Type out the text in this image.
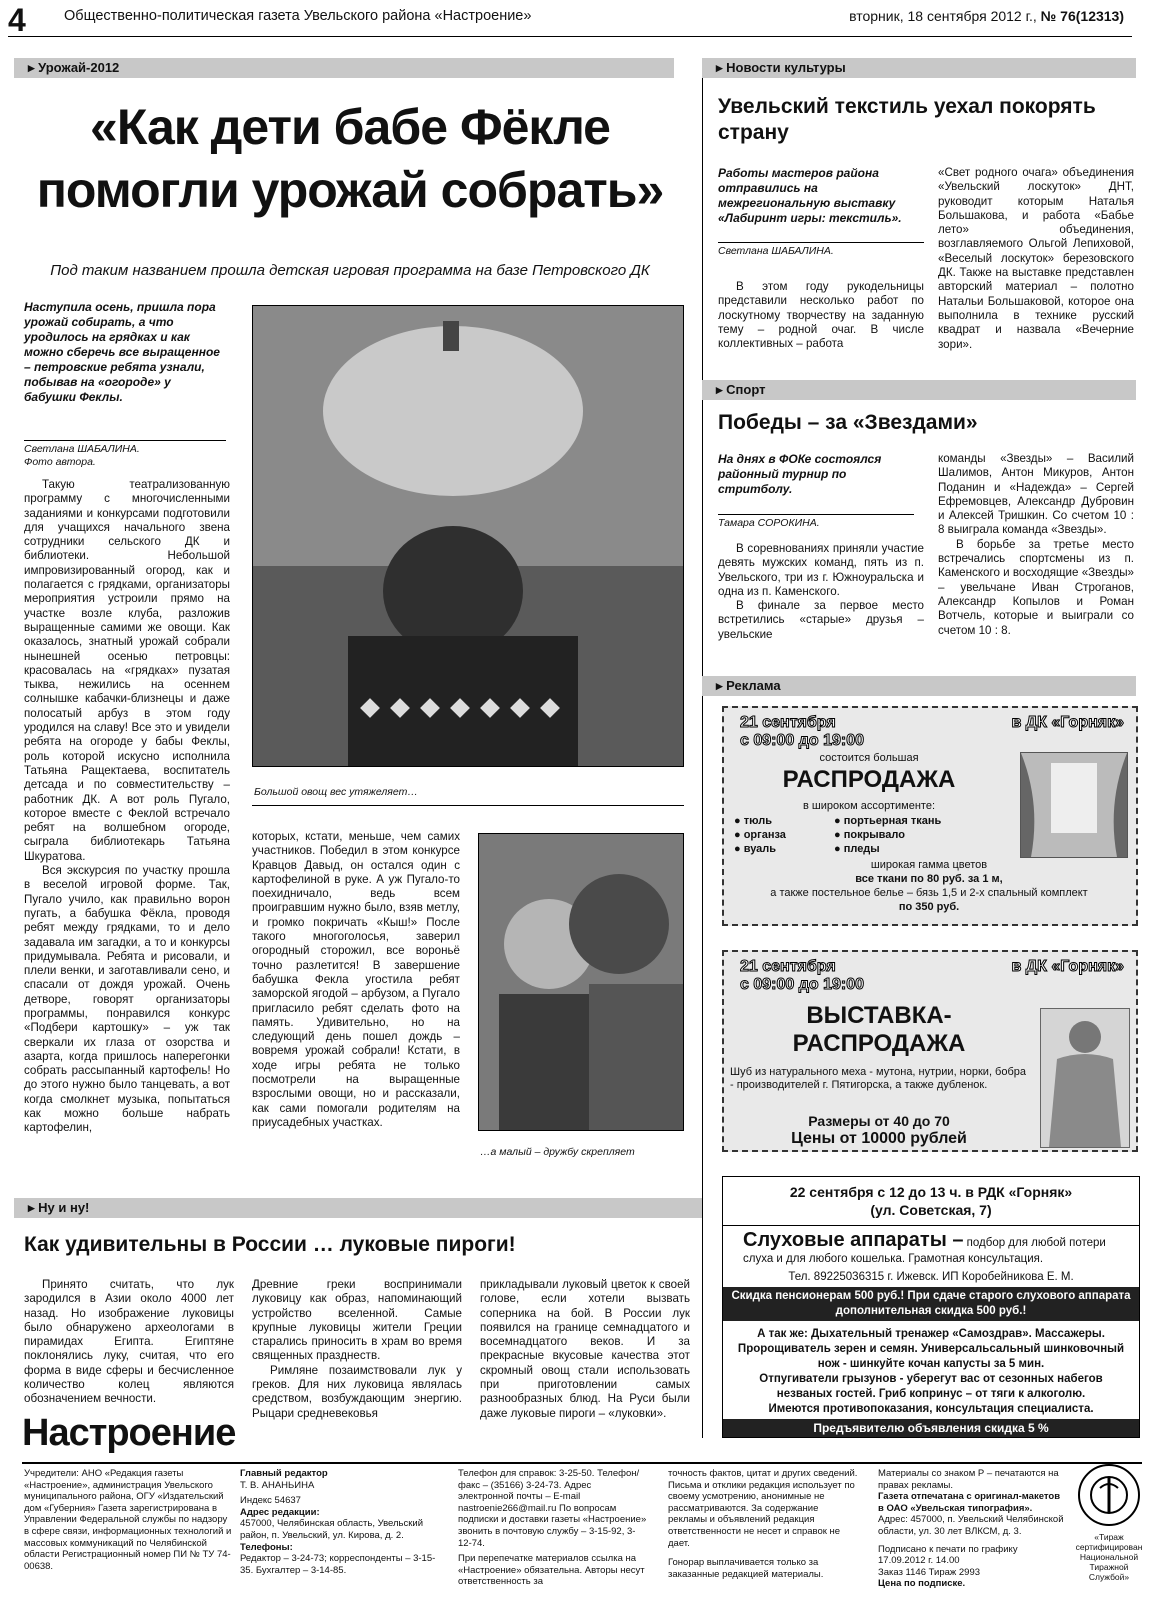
4	Общественно-политическая газета Увельского района «Настроение»	вторник, 18 сентября 2012 г., № 76(12313)
▸ Урожай-2012
«Как дети бабе Фёкле помогли урожай собрать»
Под таким названием прошла детская игровая программа на базе Петровского ДК
Наступила осень, пришла пора урожай собирать, а что уродилось на грядках и как можно сберечь все выращенное – петровские ребята узнали, побывав на «огороде» у бабушки Феклы.
Светлана ШАБАЛИНА.
Фото автора.

Такую театрализованную программу с многочисленными заданиями и конкурсами подготовили для учащихся начального звена сотрудники сельского ДК и библиотеки. Небольшой импровизированный огород, как и полагается с грядками, организаторы мероприятия устроили прямо на участке возле клуба, разложив выращенные самими же овощи. Как оказалось, знатный урожай собрали нынешней осенью петровцы: красовалась на «грядках» пузатая тыква, нежились на осеннем солнышке кабачки-близнецы и даже полосатый арбуз в этом году уродился на славу! Все это и увидели ребята на огороде у бабы Феклы, роль которой искусно исполнила Татьяна Ращектаева, воспитатель детсада и по совместительству – работник ДК. А вот роль Пугало, которое вместе с Феклой встречало ребят на волшебном огороде, сыграла библиотекарь Татьяна Шкуратова.

Вся экскурсия по участку прошла в веселой игровой форме. Так, Пугало учило, как правильно ворон пугать, а бабушка Фёкла, проводя ребят между грядками, то и дело задавала им загадки, а то и конкурсы придумывала. Ребята и рисовали, и плели венки, и заготавливали сено, и спасали от дождя урожай. Очень детворе, говорят организаторы программы, понравился конкурс «Подбери картошку» – уж так сверкали их глаза от озорства и азарта, когда пришлось наперегонки собрать рассыпанный картофель! Но до этого нужно было танцевать, а вот когда смолкнет музыка, попытаться как можно больше набрать картофелин,

Большой овощ вес утяжеляет…

которых, кстати, меньше, чем самих участников. Победил в этом конкурсе Кравцов Давыд, он остался один с картофелиной в руке. А уж Пугало-то поехидничало, ведь всем проигравшим нужно было, взяв метлу, и громко покричать «Кыш!» После такого многоголосья, заверил огородный сторожил, все вороньё точно разлетится! В завершение бабушка Фекла угостила ребят заморской ягодой – арбузом, а Пугало пригласило ребят сделать фото на память. Удивительно, но на следующий день пошел дождь – вовремя урожай собрали! Кстати, в ходе игры ребята не только посмотрели на выращенные взрослыми овощи, но и рассказали, как сами помогали родителям на приусадебных участках.

…а малый – дружбу скрепляет
▸ Новости культуры
Увельский текстиль уехал покорять страну
Работы мастеров района отправились на межрегиональную выставку «Лабиринт игры: текстиль».
Светлана ШАБАЛИНА.

В этом году рукодельницы представили несколько работ по лоскутному творчеству на заданную тему – родной очаг. В числе коллективных – работа

«Свет родного очага» объединения «Увельский лоскуток» ДНТ, руководит которым Наталья Большакова, и работа «Бабье лето» объединения, возглавляемого Ольгой Лепиховой, «Веселый лоскуток» березовского ДК. Также на выставке представлен авторский материал – полотно Натальи Большаковой, которое она выполнила в технике русский квадрат и назвала «Вечерние зори».

▸ Спорт
Победы – за «Звездами»
На днях в ФОКе состоялся районный турнир по стритболу.
Тамара СОРОКИНА.

В соревнованиях приняли участие девять мужских команд, пять из п. Увельского, три из г. Южноуральска и одна из п. Каменского.

В финале за первое место встретились «старые» друзья – увельские

команды «Звезды» – Василий Шалимов, Антон Микуров, Антон Поданин и «Надежда» – Сергей Ефремовцев, Александр Дубровин и Алексей Тришкин. Со счетом 10 : 8 выиграла команда «Звезды».

В борьбе за третье место встречались спортсмены из п. Каменского и восходящие «Звезды» – увельчане Иван Строганов, Александр Копылов и Роман Вотчель, которые и выиграли со счетом 10 : 8.

▸ Реклама
21 сентября
с 09:00 до 19:00
в ДК «Горняк»
состоится большая
РАСПРОДАЖА
в широком ассортименте:
● тюль
● органза
● вуаль
● портьерная ткань
● покрывало
● пледы
широкая гамма цветов
все ткани по 80 руб. за 1 м,
а также постельное белье – бязь 1,5 и 2-х спальный комплект
по 350 руб.
21 сентября
с 09:00 до 19:00
в ДК «Горняк»
ВЫСТАВКА-
РАСПРОДАЖА
Шуб из натурального меха - мутона, нутрии, норки, бобра - производителей г. Пятигорска, а также дубленок.
Размеры от 40 до 70
Цены от 10000 рублей
22 сентября с 12 до 13 ч. в РДК «Горняк»
(ул. Советская, 7)
Слуховые аппараты – подбор для любой потери слуха и для любого кошелька. Грамотная консультация.
Тел. 89225036315 г. Ижевск. ИП Коробейникова Е. М.
Скидка пенсионерам 500 руб.! При сдаче старого слухового аппарата дополнительная скидка 500 руб.!
А так же: Дыхательный тренажер «Самоздрав». Массажеры.
Пророщиватель зерен и семян. Универсальсальный шинковочный нож - шинкуйте кочан капусты за 5 мин.
Отпугиватели грызунов - уберегут вас от сезонных набегов незваных гостей. Гриб копринус – от тяги к алкоголю.
Имеются противопоказания, консультация специалиста.
Предъявителю объявления скидка 5 %
▸ Ну и ну!
Как удивительны в России … луковые пироги!

Принято считать, что лук зародился в Азии около 4000 лет назад. Но изображение луковицы было обнаружено археологами в пирамидах Египта. Египтяне поклонялись луку, считая, что его форма в виде сферы и бесчисленное количество колец являются обозначением вечности.

Древние греки воспринимали луковицу как образ, напоминающий устройство вселенной. Самые крупные луковицы жители Греции старались приносить в храм во время священных празднеств.

Римляне позаимствовали лук у греков. Для них луковица являлась средством, возбуждающим энергию. Рыцари средневековья

прикладывали луковый цветок к своей голове, если хотели вызвать соперника на бой. В России лук появился на границе семнадцатого и восемнадцатого веков. И за прекрасные вкусовые качества этот скромный овощ стали использовать при приготовлении самых разнообразных блюд. На Руси были даже луковые пироги – «луковки».

Настроение
Учредители: АНО «Редакция газеты «Настроение», администрация Увельского муниципального района, ОГУ «Издательский дом «Губерния» Газета зарегистрирована в Управлении Федеральной службы по надзору в сфере связи, информационных технологий и массовых коммуникаций по Челябинской области Регистрационный номер ПИ № ТУ 74-00638.
Главный редактор
Т. В. АНАНЬИНА
Индекс 54637
Адрес редакции:
457000, Челябинская область, Увельский район, п. Увельский, ул. Кирова, д. 2.
Телефоны:
Редактор – 3-24-73; корреспонденты – 3-15-35. Бухгалтер – 3-14-85.
Телефон для справок: 3-25-50. Телефон/факс – (35166) 3-24-73. Адрес электронной почты – E-mail nastroenie266@mail.ru По вопросам подписки и доставки газеты «Настроение» звонить в почтовую службу – 3-15-92, 3-12-74.
При перепечатке материалов ссылка на «Настроение» обязательна. Авторы несут ответственность за
точность фактов, цитат и других сведений. Письма и отклики редакция использует по своему усмотрению, анонимные не рассматриваются. За содержание рекламы и объявлений редакция ответственности не несет и справок не дает.
Гонорар выплачивается только за заказанные редакцией материалы.
Материалы со знаком Р – печатаются на правах рекламы.
Газета отпечатана с оригинал-макетов в ОАО «Увельская типография».
Адрес: 457000, п. Увельский Челябинской области, ул. 30 лет ВЛКСМ, д. 3.
Подписано к печати по графику 17.09.2012 г. 14.00
Заказ 1146 Тираж 2993
Цена по подписке.
«Тираж сертифицирован Национальной Тиражной Службой»
